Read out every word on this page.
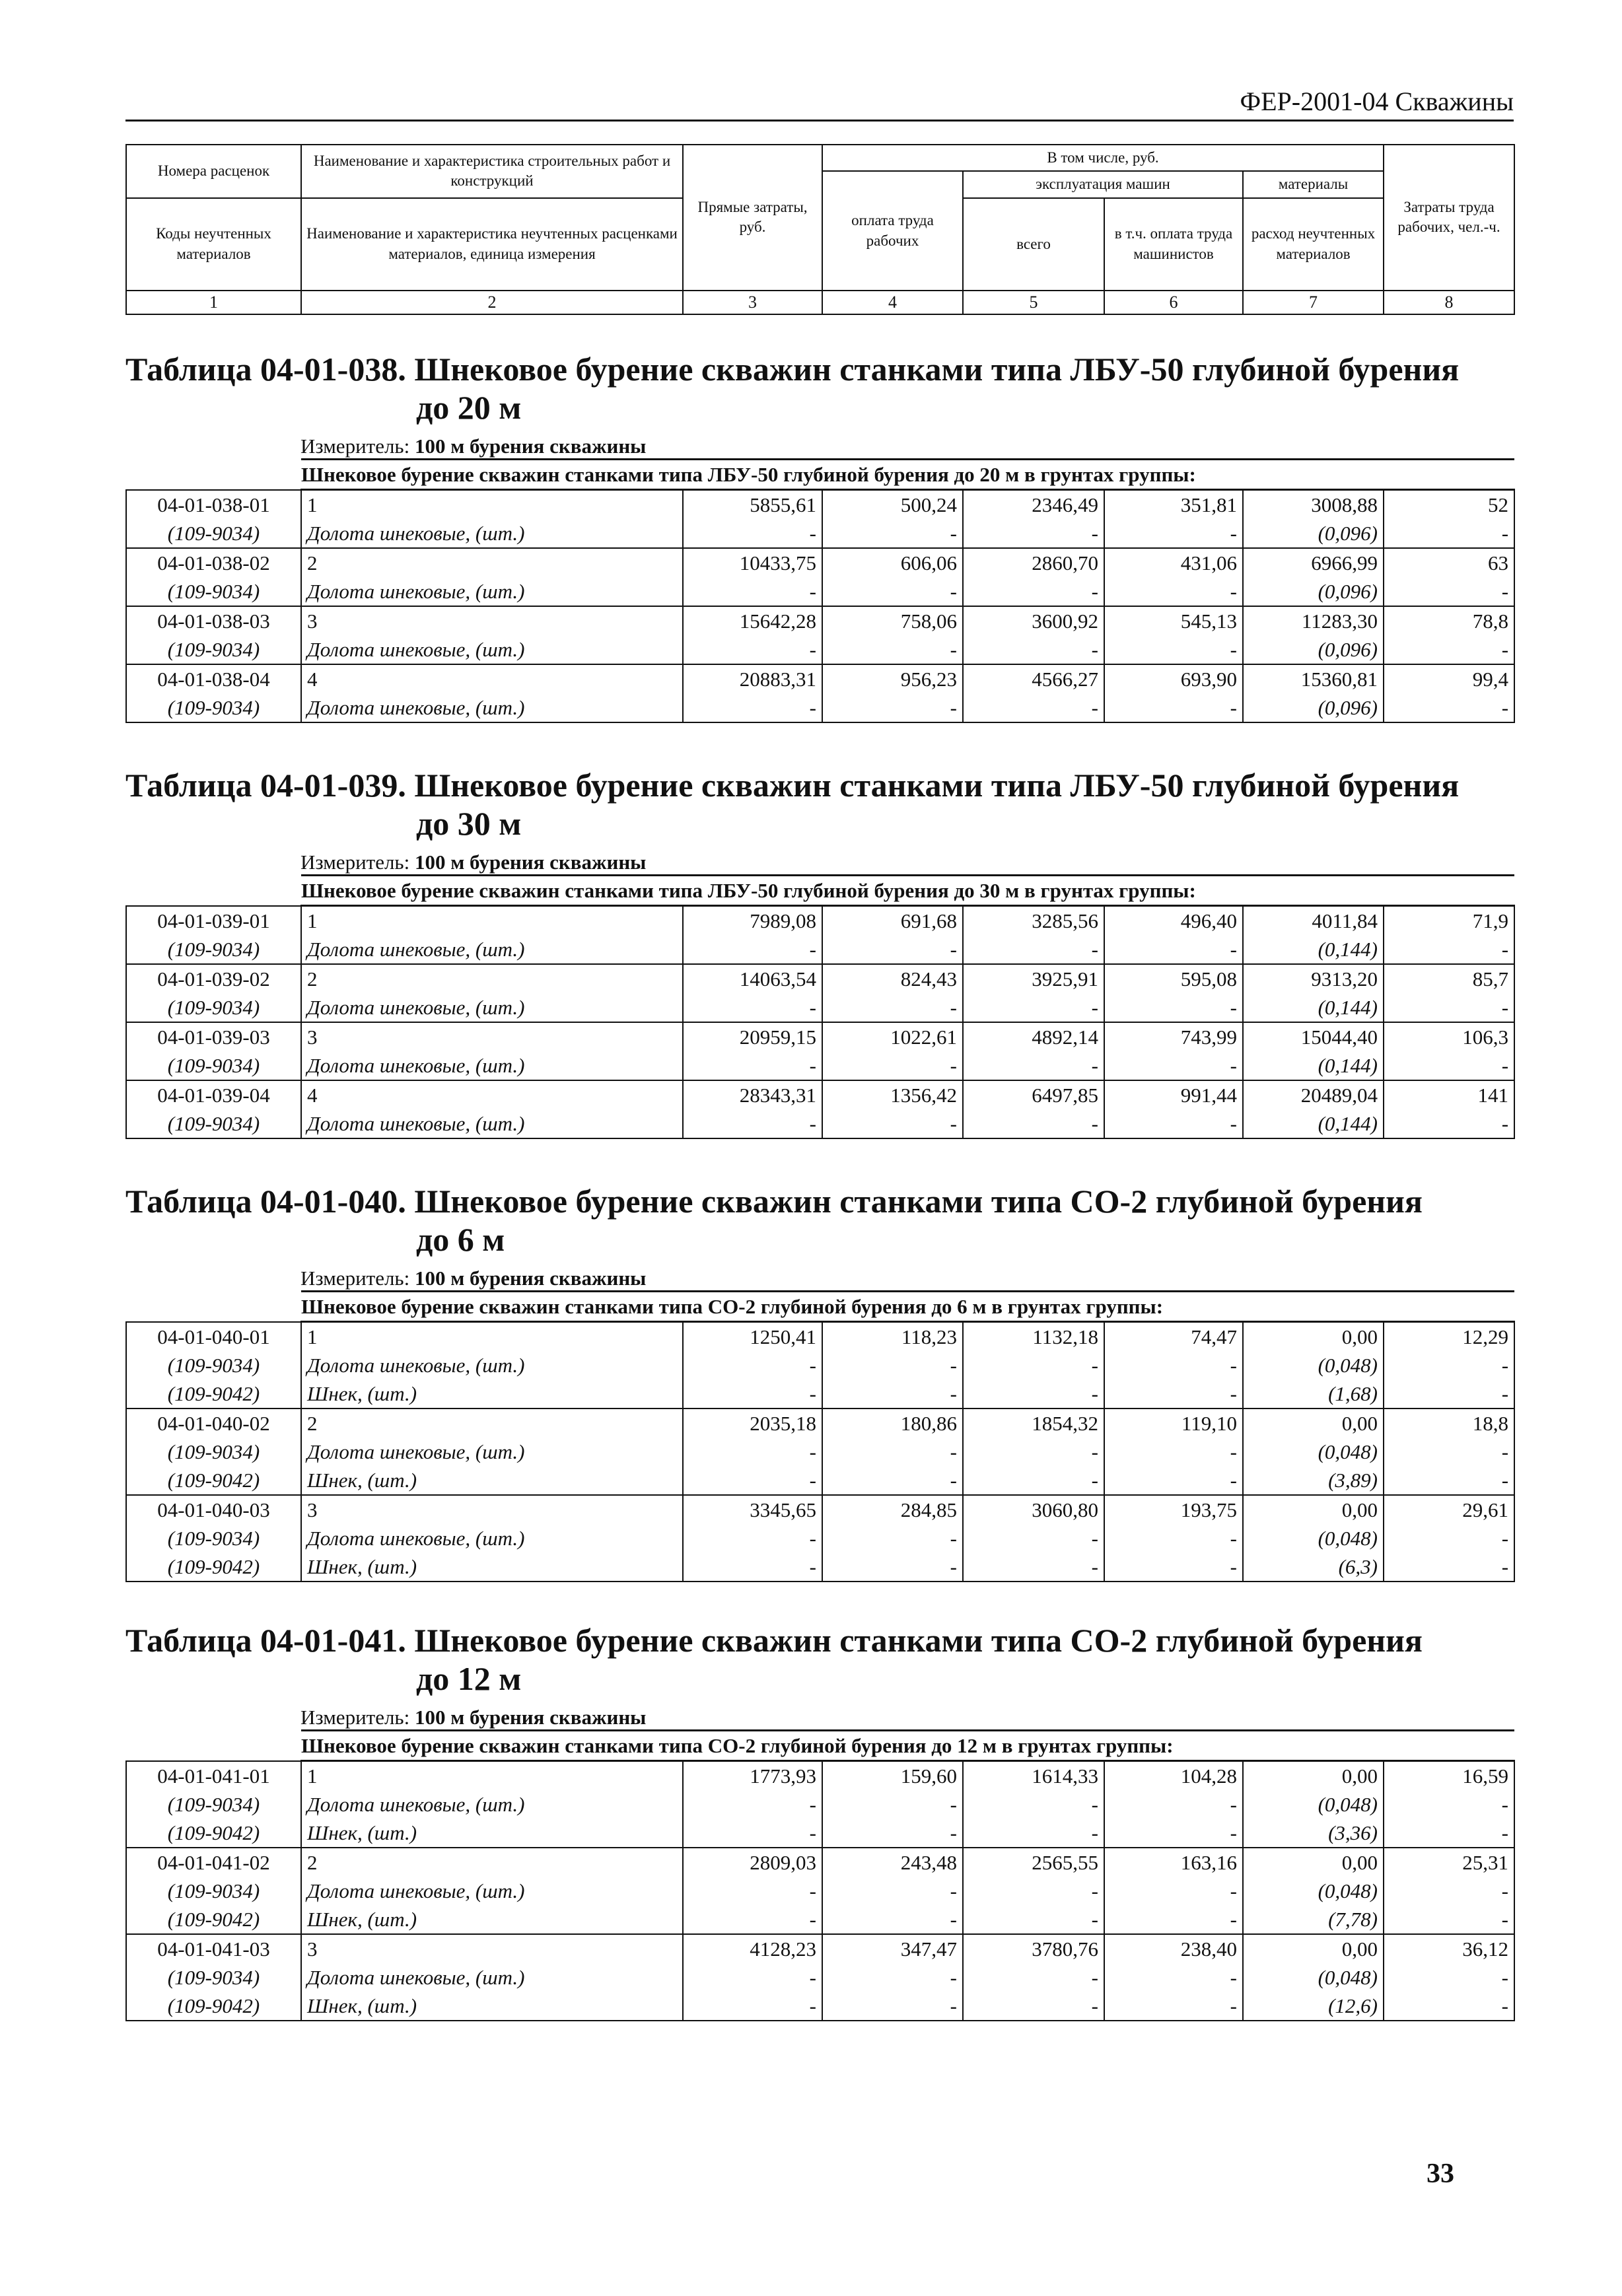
ФЕР-2001-04 Скважины
Номера расценок	Наименование и характеристика строительных работ и конструкций	Прямые затраты, руб.	В том числе, руб.				Затраты труда рабочих, чел.-ч.
			оплата труда рабочих	эксплуатация машин		материалы	
Коды неучтенных материалов	Наименование и характеристика неучтенных расценками материалов, единица измерения			всего	в т.ч. оплата труда машинистов	расход неучтенных материалов	

1	2	3	4	5	6	7	8
Таблица 04-01-038. Шнековое бурение скважин станками типа ЛБУ-50 глубиной бурения
до 20 м
Измеритель: 100 м бурения скважины
	Шнековое бурение скважин станками типа ЛБУ-50 глубиной бурения до 20 м в грунтах группы:						
04-01-038-01	1	5855,61	500,24	2346,49	351,81	3008,88	52
(109-9034)	Долота шнековые, (шт.)	-	-	-	-	(0,096)	-
04-01-038-02	2	10433,75	606,06	2860,70	431,06	6966,99	63
(109-9034)	Долота шнековые, (шт.)	-	-	-	-	(0,096)	-
04-01-038-03	3	15642,28	758,06	3600,92	545,13	11283,30	78,8
(109-9034)	Долота шнековые, (шт.)	-	-	-	-	(0,096)	-
04-01-038-04	4	20883,31	956,23	4566,27	693,90	15360,81	99,4
(109-9034)	Долота шнековые, (шт.)	-	-	-	-	(0,096)	-
Таблица 04-01-039. Шнековое бурение скважин станками типа ЛБУ-50 глубиной бурения
до 30 м
Измеритель: 100 м бурения скважины
	Шнековое бурение скважин станками типа ЛБУ-50 глубиной бурения до 30 м в грунтах группы:						
04-01-039-01	1	7989,08	691,68	3285,56	496,40	4011,84	71,9
(109-9034)	Долота шнековые, (шт.)	-	-	-	-	(0,144)	-
04-01-039-02	2	14063,54	824,43	3925,91	595,08	9313,20	85,7
(109-9034)	Долота шнековые, (шт.)	-	-	-	-	(0,144)	-
04-01-039-03	3	20959,15	1022,61	4892,14	743,99	15044,40	106,3
(109-9034)	Долота шнековые, (шт.)	-	-	-	-	(0,144)	-
04-01-039-04	4	28343,31	1356,42	6497,85	991,44	20489,04	141
(109-9034)	Долота шнековые, (шт.)	-	-	-	-	(0,144)	-
Таблица 04-01-040. Шнековое бурение скважин станками типа СО-2 глубиной бурения
до 6 м
Измеритель: 100 м бурения скважины
	Шнековое бурение скважин станками типа СО-2 глубиной бурения до 6 м в грунтах группы:						
04-01-040-01	1	1250,41	118,23	1132,18	74,47	0,00	12,29
(109-9034)	Долота шнековые, (шт.)	-	-	-	-	(0,048)	-
(109-9042)	Шнек, (шт.)	-	-	-	-	(1,68)	-
04-01-040-02	2	2035,18	180,86	1854,32	119,10	0,00	18,8
(109-9034)	Долота шнековые, (шт.)	-	-	-	-	(0,048)	-
(109-9042)	Шнек, (шт.)	-	-	-	-	(3,89)	-
04-01-040-03	3	3345,65	284,85	3060,80	193,75	0,00	29,61
(109-9034)	Долота шнековые, (шт.)	-	-	-	-	(0,048)	-
(109-9042)	Шнек, (шт.)	-	-	-	-	(6,3)	-
Таблица 04-01-041. Шнековое бурение скважин станками типа СО-2 глубиной бурения
до 12 м
Измеритель: 100 м бурения скважины
	Шнековое бурение скважин станками типа СО-2 глубиной бурения до 12 м в грунтах группы:						
04-01-041-01	1	1773,93	159,60	1614,33	104,28	0,00	16,59
(109-9034)	Долота шнековые, (шт.)	-	-	-	-	(0,048)	-
(109-9042)	Шнек, (шт.)	-	-	-	-	(3,36)	-
04-01-041-02	2	2809,03	243,48	2565,55	163,16	0,00	25,31
(109-9034)	Долота шнековые, (шт.)	-	-	-	-	(0,048)	-
(109-9042)	Шнек, (шт.)	-	-	-	-	(7,78)	-
04-01-041-03	3	4128,23	347,47	3780,76	238,40	0,00	36,12
(109-9034)	Долота шнековые, (шт.)	-	-	-	-	(0,048)	-
(109-9042)	Шнек, (шт.)	-	-	-	-	(12,6)	-
33
